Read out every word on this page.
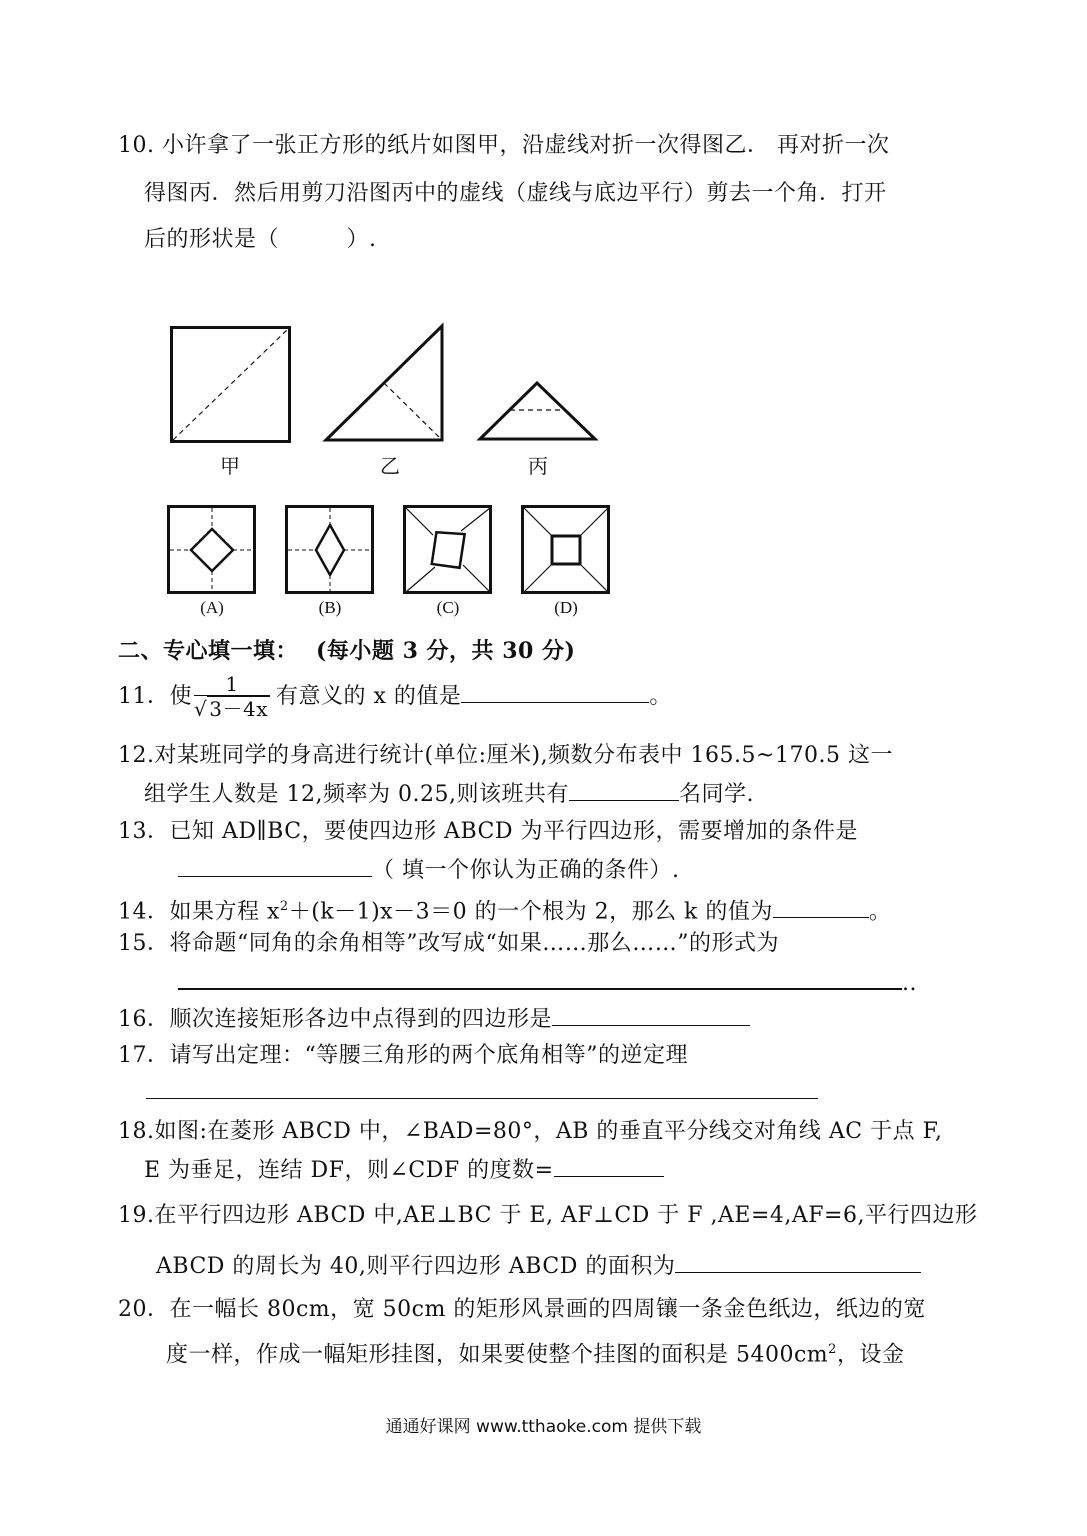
10. 小许拿了一张正方形的纸片如图甲，沿虚线对折一次得图乙． 再对折一次
得图丙．然后用剪刀沿图丙中的虚线（虚线与底边平行）剪去一个角．打开
后的形状是（　　　）.
甲	乙	丙
(A)	(B)	(C)	(D)
二、专心填一填： (每小题 3 分，共 30 分)
11．使 $\frac{1}{√ 3-4x}$ 有意义的 x 的值是	。
12.对某班同学的身高进行统计(单位:厘米),频数分布表中 165.5~170.5 这一
组学生人数是 12,频率为 0.25,则该班共有	名同学.
13．已知 AD∥BC，要使四边形 ABCD 为平行四边形，需要增加的条件是
（ 填一个你认为正确的条件）.
14．如果方程 $x^2+(k-1)x-3=0$ 的一个根为 2，那么 k 的值为	。
15．将命题“同角的余角相等”改写成“如果……那么……”的形式为
..
16．顺次连接矩形各边中点得到的四边形是
17．请写出定理：“等腰三角形的两个底角相等”的逆定理
18.如图:在菱形 ABCD 中，∠BAD=80°，AB 的垂直平分线交对角线 AC 于点 F,
E 为垂足，连结 DF，则∠CDF 的度数=
19.在平行四边形 ABCD 中,AE⊥BC 于 E, AF⊥CD 于 F ,AE=4,AF=6,平行四边形
ABCD 的周长为 40,则平行四边形 ABCD 的面积为
20．在一幅长 80cm，宽 50cm 的矩形风景画的四周镶一条金色纸边，纸边的宽
度一样，作成一幅矩形挂图，如果要使整个挂图的面积是 $5400cm^2$，设金
通通好课网 www.tthaoke.com 提供下载
